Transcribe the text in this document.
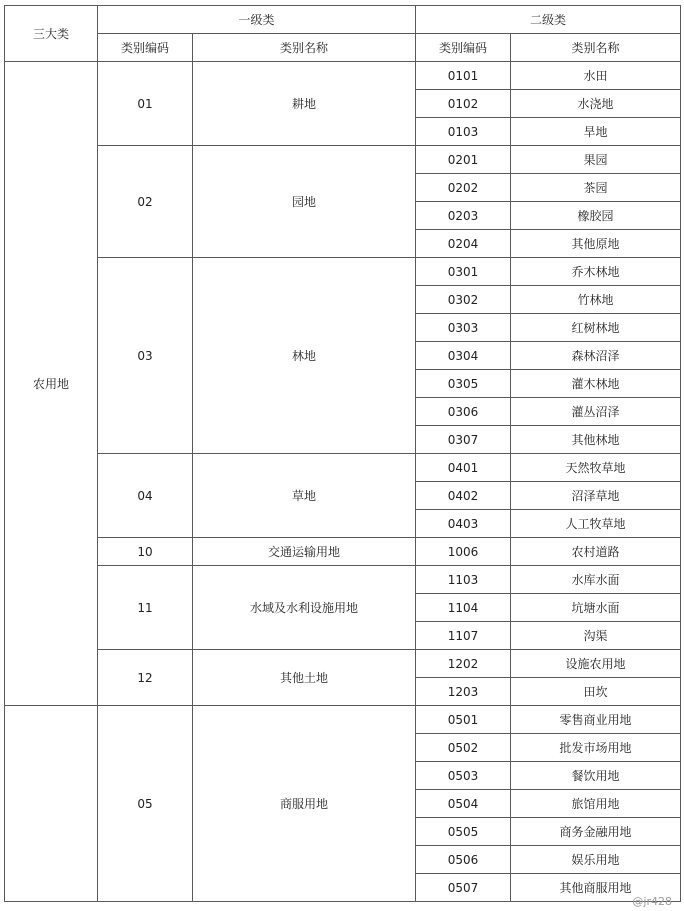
三大类	一级类		二级类	
	类别编码	类别名称	类别编码	类别名称
农用地	01	耕地	0101	水田
			0102	水浇地
			0103	旱地
	02	园地	0201	果园
			0202	茶园
			0203	橡胶园
			0204	其他原地
	03	林地	0301	乔木林地
			0302	竹林地
			0303	红树林地
			0304	森林沼泽
			0305	灌木林地
			0306	灌丛沼泽
			0307	其他林地
	04	草地	0401	天然牧草地
			0402	沼泽草地
			0403	人工牧草地
	10	交通运输用地	1006	农村道路
	11	水域及水利设施用地	1103	水库水面
			1104	坑塘水面
			1107	沟渠
	12	其他土地	1202	设施农用地
			1203	田坎
	05	商服用地	0501	零售商业用地
			0502	批发市场用地
			0503	餐饮用地
			0504	旅馆用地
			0505	商务金融用地
			0506	娱乐用地
			0507	其他商服用地
@jr428
